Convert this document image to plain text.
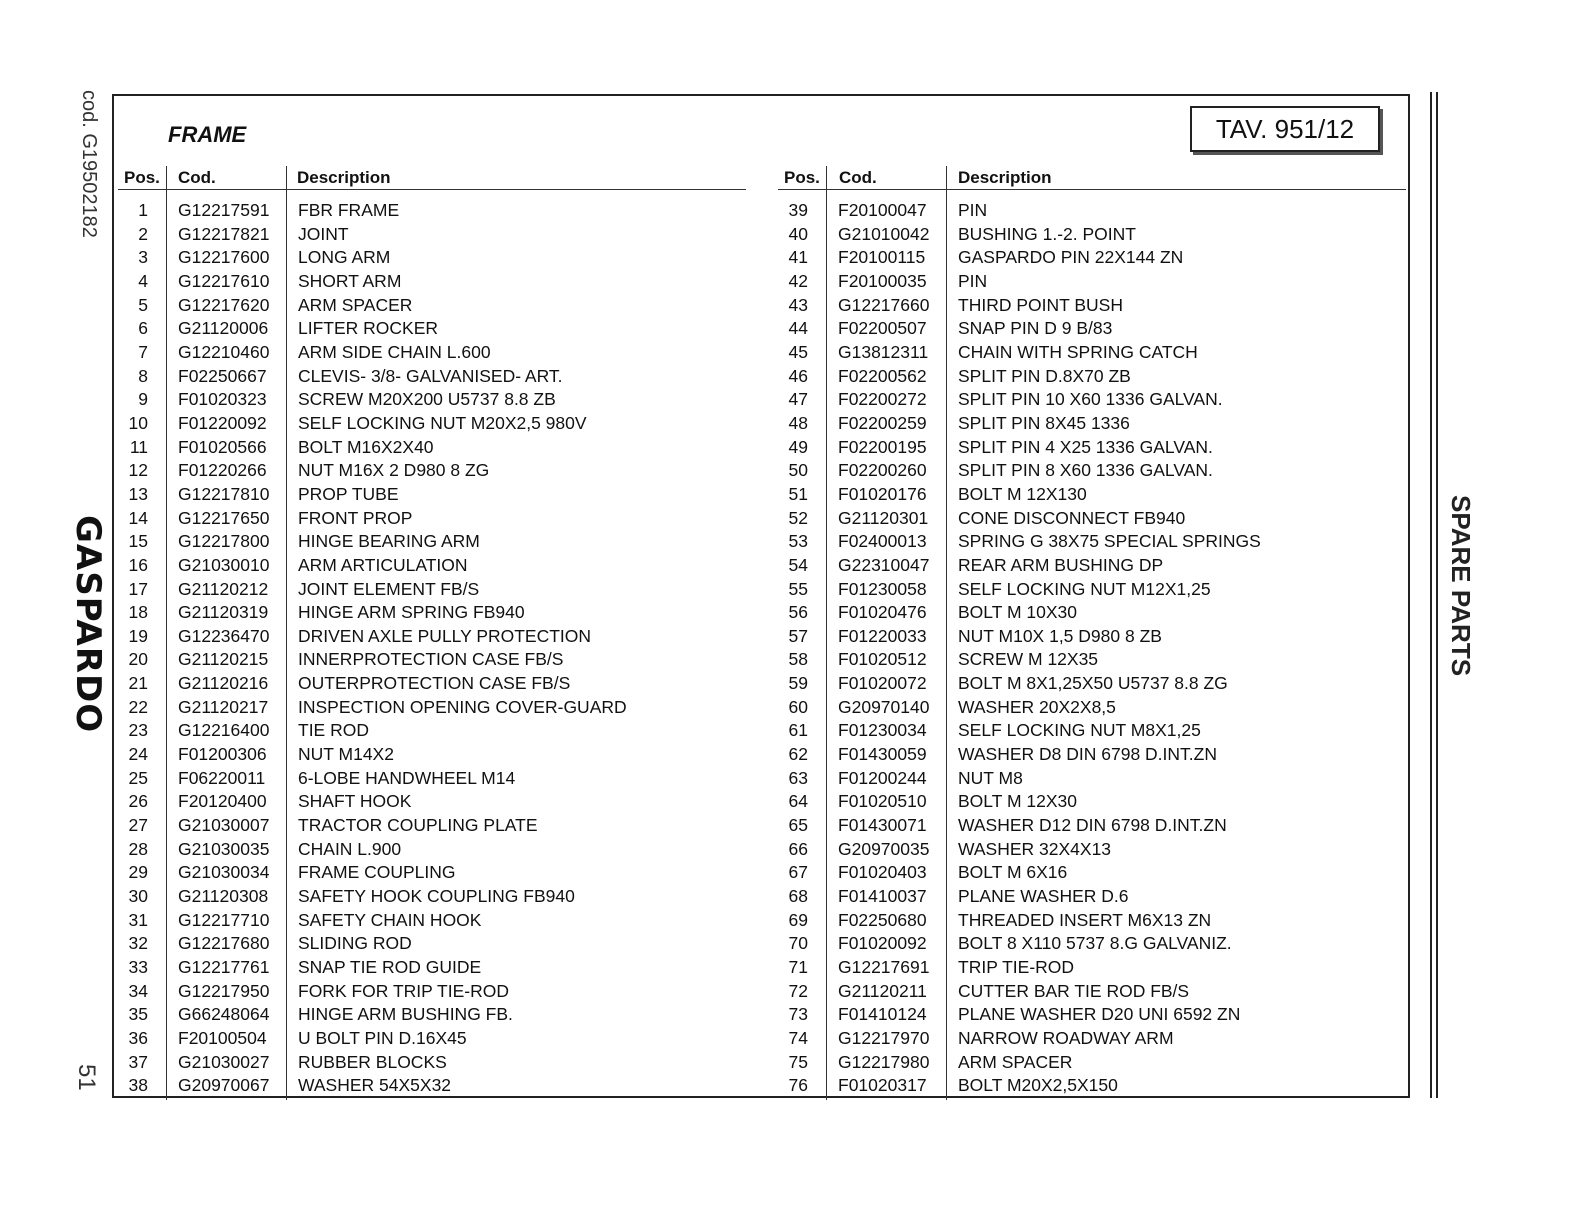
cod. G19502182
GASPARDO
51
SPARE PARTS
FRAME	TAV. 951/12
Pos. Cod.	Description	Pos. Cod.	Description
1 G12217591 FBR FRAME
2 G12217821 JOINT
3 G12217600 LONG ARM
4 G12217610 SHORT ARM
5 G12217620 ARM SPACER
6 G21120006 LIFTER ROCKER
7 G12210460 ARM SIDE CHAIN L.600
8 F02250667 CLEVIS- 3/8- GALVANISED- ART.
9 F01020323 SCREW M20X200 U5737 8.8 ZB
10 F01220092 SELF LOCKING NUT M20X2,5 980V
11 F01020566 BOLT M16X2X40
12 F01220266 NUT M16X 2 D980 8 ZG
13 G12217810 PROP TUBE
14 G12217650 FRONT PROP
15 G12217800 HINGE BEARING ARM
16 G21030010 ARM ARTICULATION
17 G21120212 JOINT ELEMENT FB/S
18 G21120319 HINGE ARM SPRING FB940
19 G12236470 DRIVEN AXLE PULLY PROTECTION
20 G21120215 INNERPROTECTION CASE FB/S
21 G21120216 OUTERPROTECTION CASE FB/S
22 G21120217 INSPECTION OPENING COVER-GUARD
23 G12216400 TIE ROD
24 F01200306 NUT M14X2
25 F06220011 6-LOBE HANDWHEEL M14
26 F20120400 SHAFT HOOK
27 G21030007 TRACTOR COUPLING PLATE
28 G21030035 CHAIN L.900
29 G21030034 FRAME COUPLING
30 G21120308 SAFETY HOOK COUPLING FB940
31 G12217710 SAFETY CHAIN HOOK
32 G12217680 SLIDING ROD
33 G12217761 SNAP TIE ROD GUIDE
34 G12217950 FORK FOR TRIP TIE-ROD
35 G66248064 HINGE ARM BUSHING FB.
36 F20100504 U BOLT PIN D.16X45
37 G21030027 RUBBER BLOCKS
38 G20970067 WASHER 54X5X32
39 F20100047 PIN
40 G21010042 BUSHING 1.-2. POINT
41 F20100115 GASPARDO PIN 22X144 ZN
42 F20100035 PIN
43 G12217660 THIRD POINT BUSH
44 F02200507 SNAP PIN D 9 B/83
45 G13812311 CHAIN WITH SPRING CATCH
46 F02200562 SPLIT PIN D.8X70 ZB
47 F02200272 SPLIT PIN 10 X60 1336 GALVAN.
48 F02200259 SPLIT PIN 8X45 1336
49 F02200195 SPLIT PIN 4 X25 1336 GALVAN.
50 F02200260 SPLIT PIN 8 X60 1336 GALVAN.
51 F01020176 BOLT M 12X130
52 G21120301 CONE DISCONNECT FB940
53 F02400013 SPRING G 38X75 SPECIAL SPRINGS
54 G22310047 REAR ARM BUSHING DP
55 F01230058 SELF LOCKING NUT M12X1,25
56 F01020476 BOLT M 10X30
57 F01220033 NUT M10X 1,5 D980 8 ZB
58 F01020512 SCREW M 12X35
59 F01020072 BOLT M 8X1,25X50 U5737 8.8 ZG
60 G20970140 WASHER 20X2X8,5
61 F01230034 SELF LOCKING NUT M8X1,25
62 F01430059 WASHER D8 DIN 6798 D.INT.ZN
63 F01200244 NUT M8
64 F01020510 BOLT M 12X30
65 F01430071 WASHER D12 DIN 6798 D.INT.ZN
66 G20970035 WASHER 32X4X13
67 F01020403 BOLT M 6X16
68 F01410037 PLANE WASHER D.6
69 F02250680 THREADED INSERT M6X13 ZN
70 F01020092 BOLT 8 X110 5737 8.G GALVANIZ.
71 G12217691 TRIP TIE-ROD
72 G21120211 CUTTER BAR TIE ROD FB/S
73 F01410124 PLANE WASHER D20 UNI 6592 ZN
74 G12217970 NARROW ROADWAY ARM
75 G12217980 ARM SPACER
76 F01020317 BOLT M20X2,5X150
